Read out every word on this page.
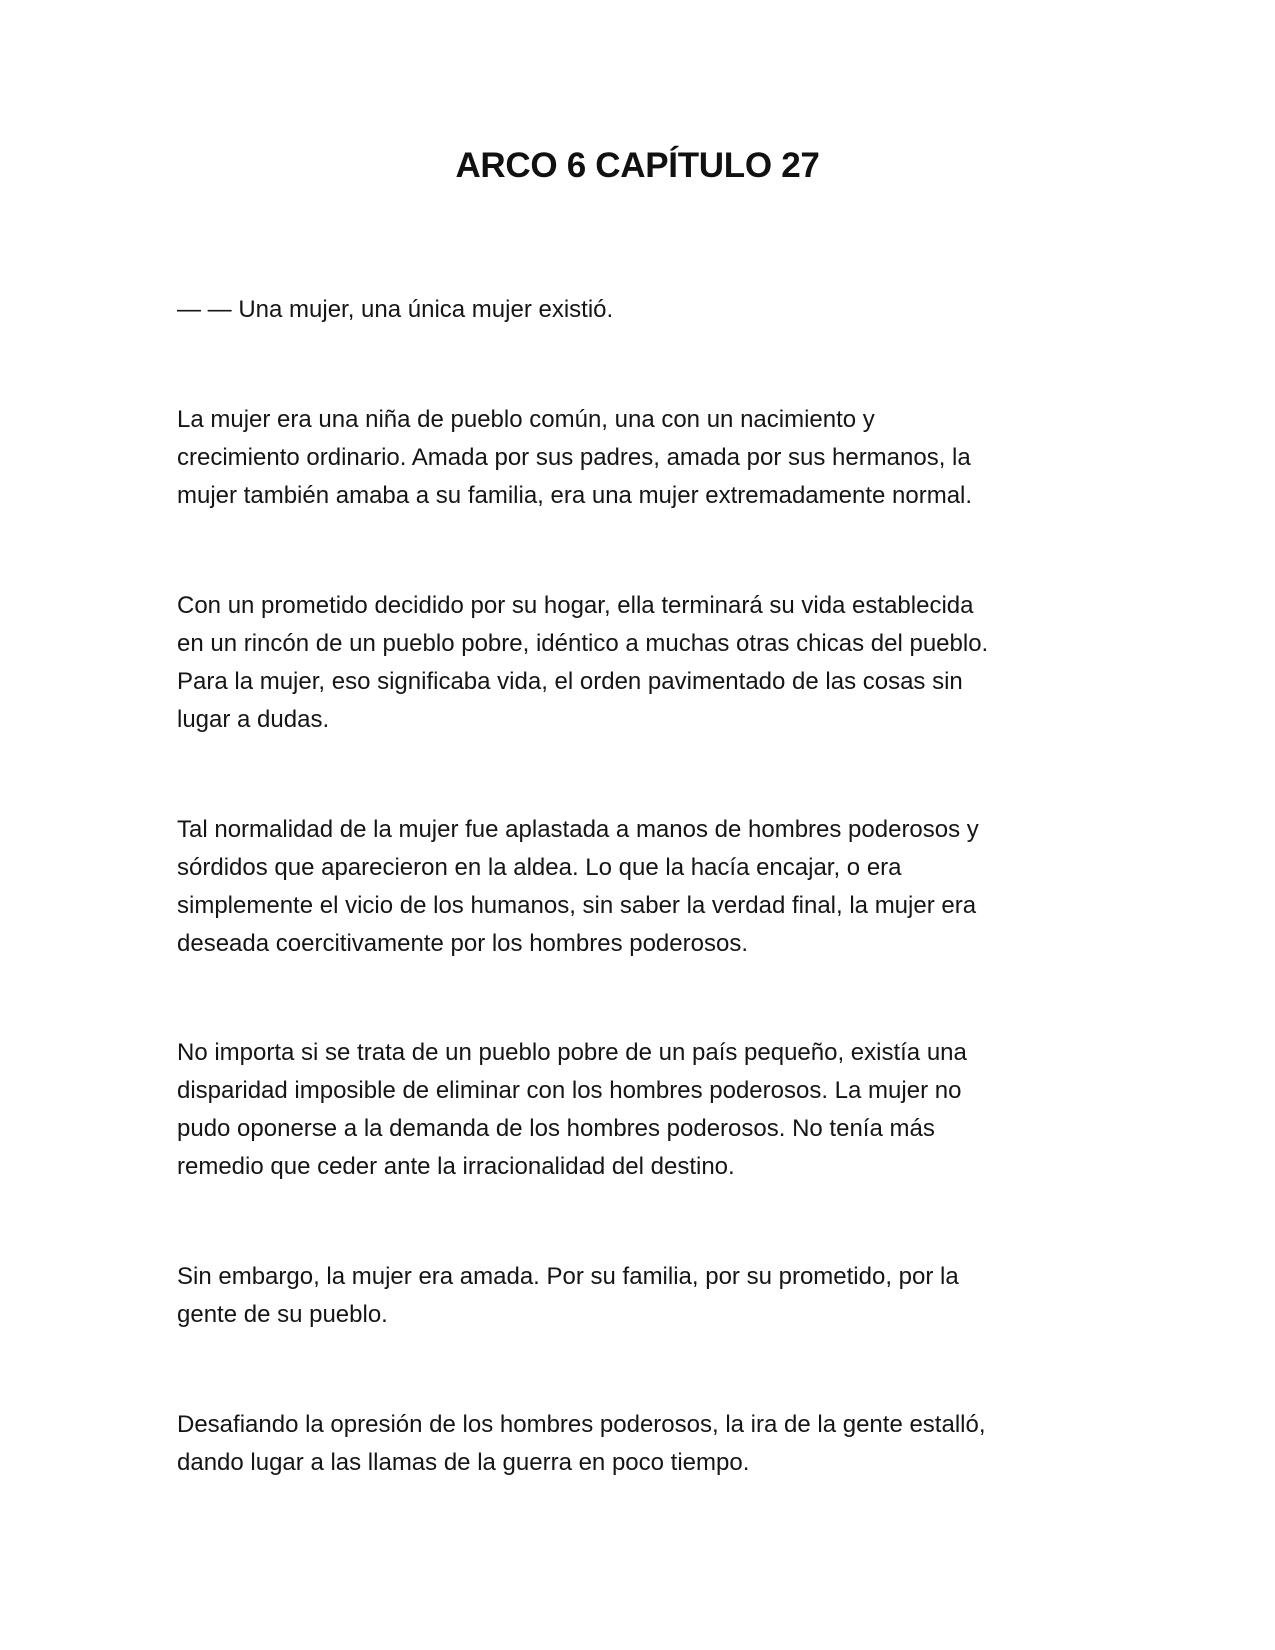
ARCO 6 CAPÍTULO 27

— — Una mujer, una única mujer existió.

La mujer era una niña de pueblo común, una con un nacimiento y
crecimiento ordinario. Amada por sus padres, amada por sus hermanos, la
mujer también amaba a su familia, era una mujer extremadamente normal.

Con un prometido decidido por su hogar, ella terminará su vida establecida
en un rincón de un pueblo pobre, idéntico a muchas otras chicas del pueblo.
Para la mujer, eso significaba vida, el orden pavimentado de las cosas sin
lugar a dudas.

Tal normalidad de la mujer fue aplastada a manos de hombres poderosos y
sórdidos que aparecieron en la aldea. Lo que la hacía encajar, o era
simplemente el vicio de los humanos, sin saber la verdad final, la mujer era
deseada coercitivamente por los hombres poderosos.

No importa si se trata de un pueblo pobre de un país pequeño, existía una
disparidad imposible de eliminar con los hombres poderosos. La mujer no
pudo oponerse a la demanda de los hombres poderosos. No tenía más
remedio que ceder ante la irracionalidad del destino.

Sin embargo, la mujer era amada. Por su familia, por su prometido, por la
gente de su pueblo.

Desafiando la opresión de los hombres poderosos, la ira de la gente estalló,
dando lugar a las llamas de la guerra en poco tiempo.
